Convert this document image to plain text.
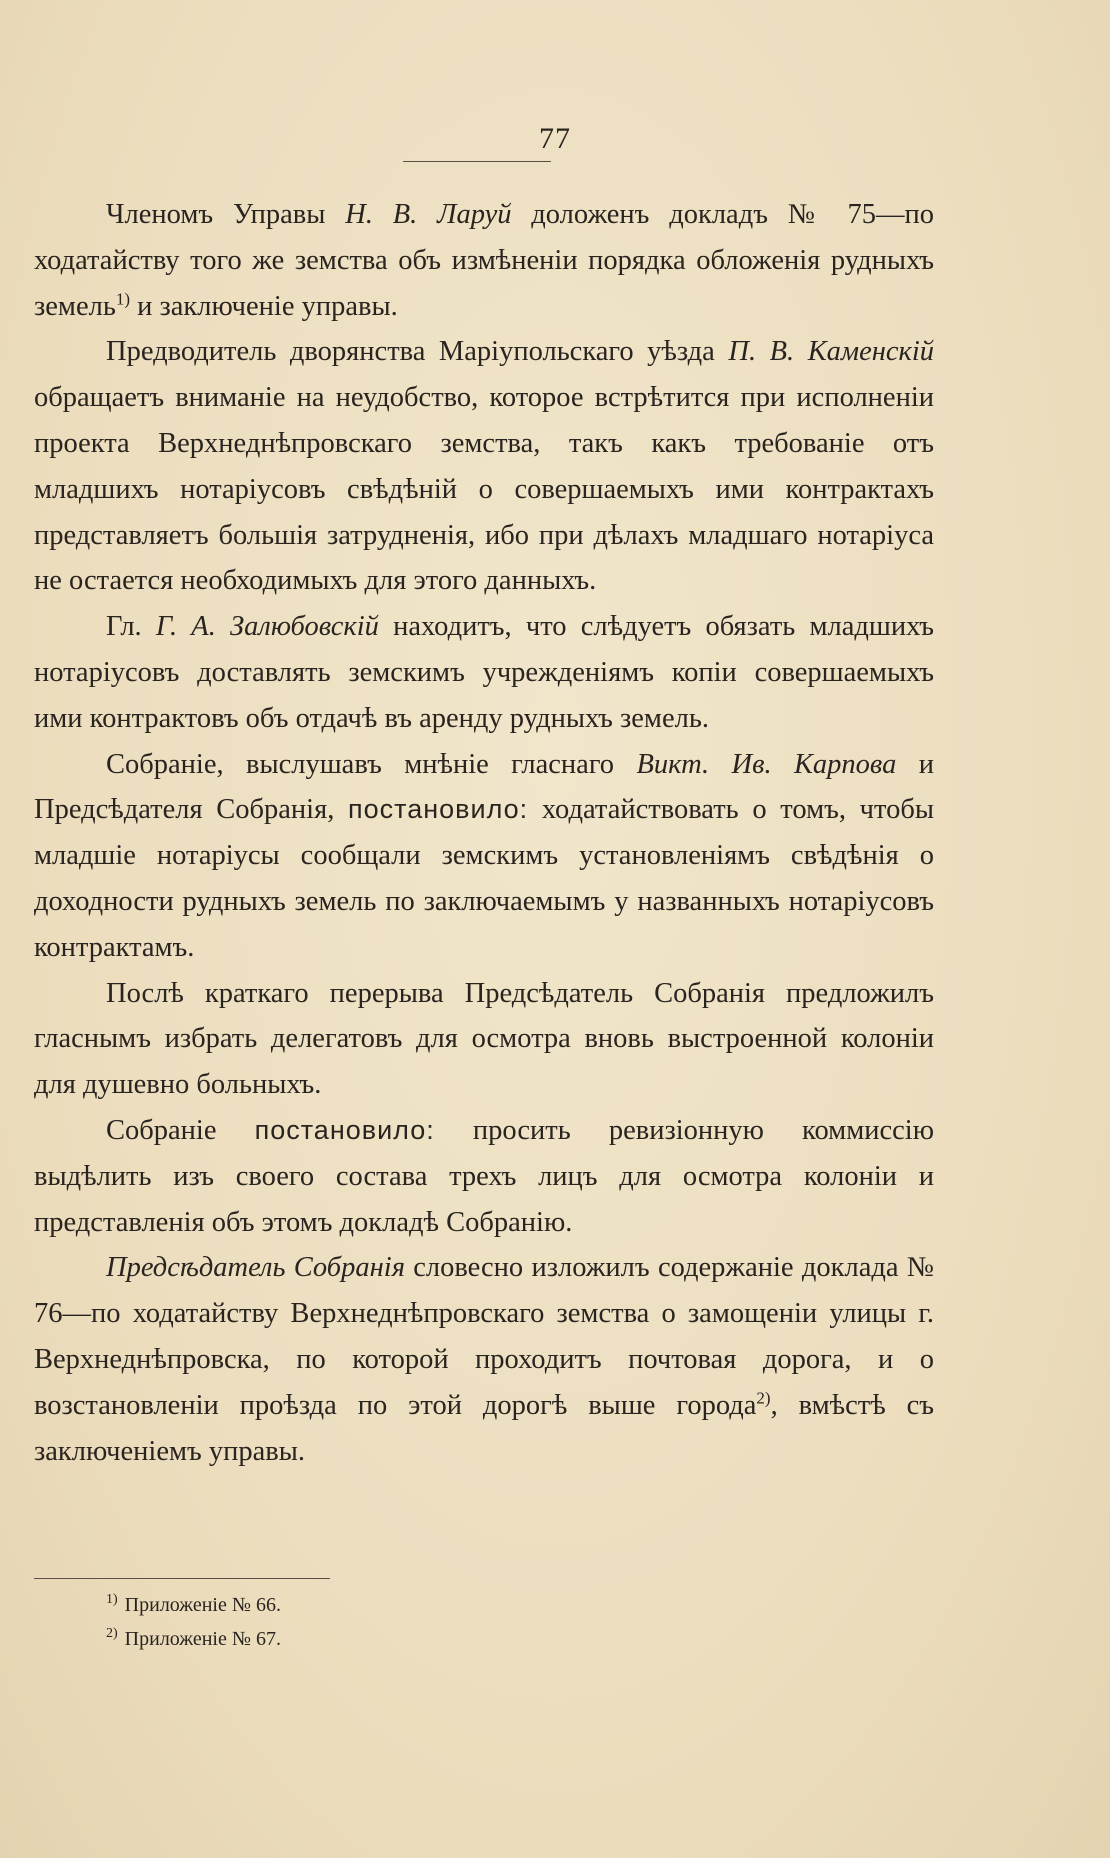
77

Членомъ Управы Н. В. Ларуй доложенъ докладъ № 75—по ходатайству того же земства объ измѣненіи порядка обложенія рудныхъ земель$^{1)}$ и заключеніе управы.

Предводитель дворянства Маріупольскаго уѣзда П. В. Каменскій обращаетъ вниманіе на неудобство, которое встрѣтится при исполненіи проекта Верхнеднѣпровскаго земства, такъ какъ требованіе отъ младшихъ нотаріусовъ свѣдѣній о совершаемыхъ ими контрактахъ представляетъ большія затрудненія, ибо при дѣлахъ младшаго нотаріуса не остается необходимыхъ для этого данныхъ.

Гл. Г. А. Залюбовскій находитъ, что слѣдуетъ обязать младшихъ нотаріусовъ доставлять земскимъ учрежденіямъ копіи совершаемыхъ ими контрактовъ объ отдачѣ въ аренду рудныхъ земель.

Собраніе, выслушавъ мнѣніе гласнаго Викт. Ив. Карпова и Предсѣдателя Собранія, постановило: ходатайствовать о томъ, чтобы младшіе нотаріусы сообщали земскимъ установленіямъ свѣдѣнія о доходности рудныхъ земель по заключаемымъ у названныхъ нотаріусовъ контрактамъ.

Послѣ краткаго перерыва Предсѣдатель Собранія предложилъ гласнымъ избрать делегатовъ для осмотра вновь выстроенной колоніи для душевно больныхъ.

Собраніе постановило: просить ревизіонную коммиссію выдѣлить изъ своего состава трехъ лицъ для осмотра колоніи и представленія объ этомъ докладѣ Собранію.

Предсѣдатель Собранія словесно изложилъ содержаніе доклада № 76—по ходатайству Верхнеднѣпровскаго земства о замощеніи улицы г. Верхнеднѣпровска, по которой проходитъ почтовая дорога, и о возстановленіи проѣзда по этой дорогѣ выше города$^{2)}$, вмѣстѣ съ заключеніемъ управы.

$^{1)}$ Приложеніе № 66.
$^{2)}$ Приложеніе № 67.
